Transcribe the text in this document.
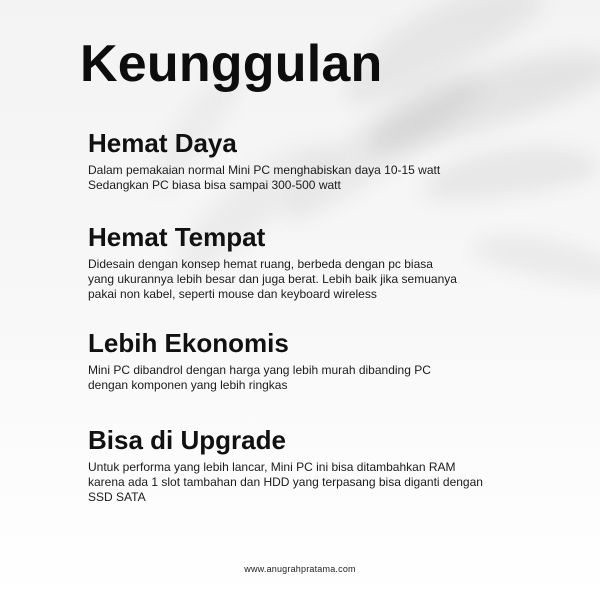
Keunggulan
Hemat Daya

Dalam pemakaian normal Mini PC menghabiskan daya 10-15 watt
Sedangkan PC biasa bisa sampai 300-500 watt

Hemat Tempat

Didesain dengan konsep hemat ruang, berbeda dengan pc biasa
yang ukurannya lebih besar dan juga berat. Lebih baik jika semuanya
pakai non kabel, seperti mouse dan keyboard wireless

Lebih Ekonomis

Mini PC dibandrol dengan harga yang lebih murah dibanding PC
dengan komponen yang lebih ringkas

Bisa di Upgrade

Untuk performa yang lebih lancar, Mini PC ini bisa ditambahkan RAM
karena ada 1 slot tambahan dan HDD yang terpasang bisa diganti dengan
SSD SATA

www.anugrahpratama.com
